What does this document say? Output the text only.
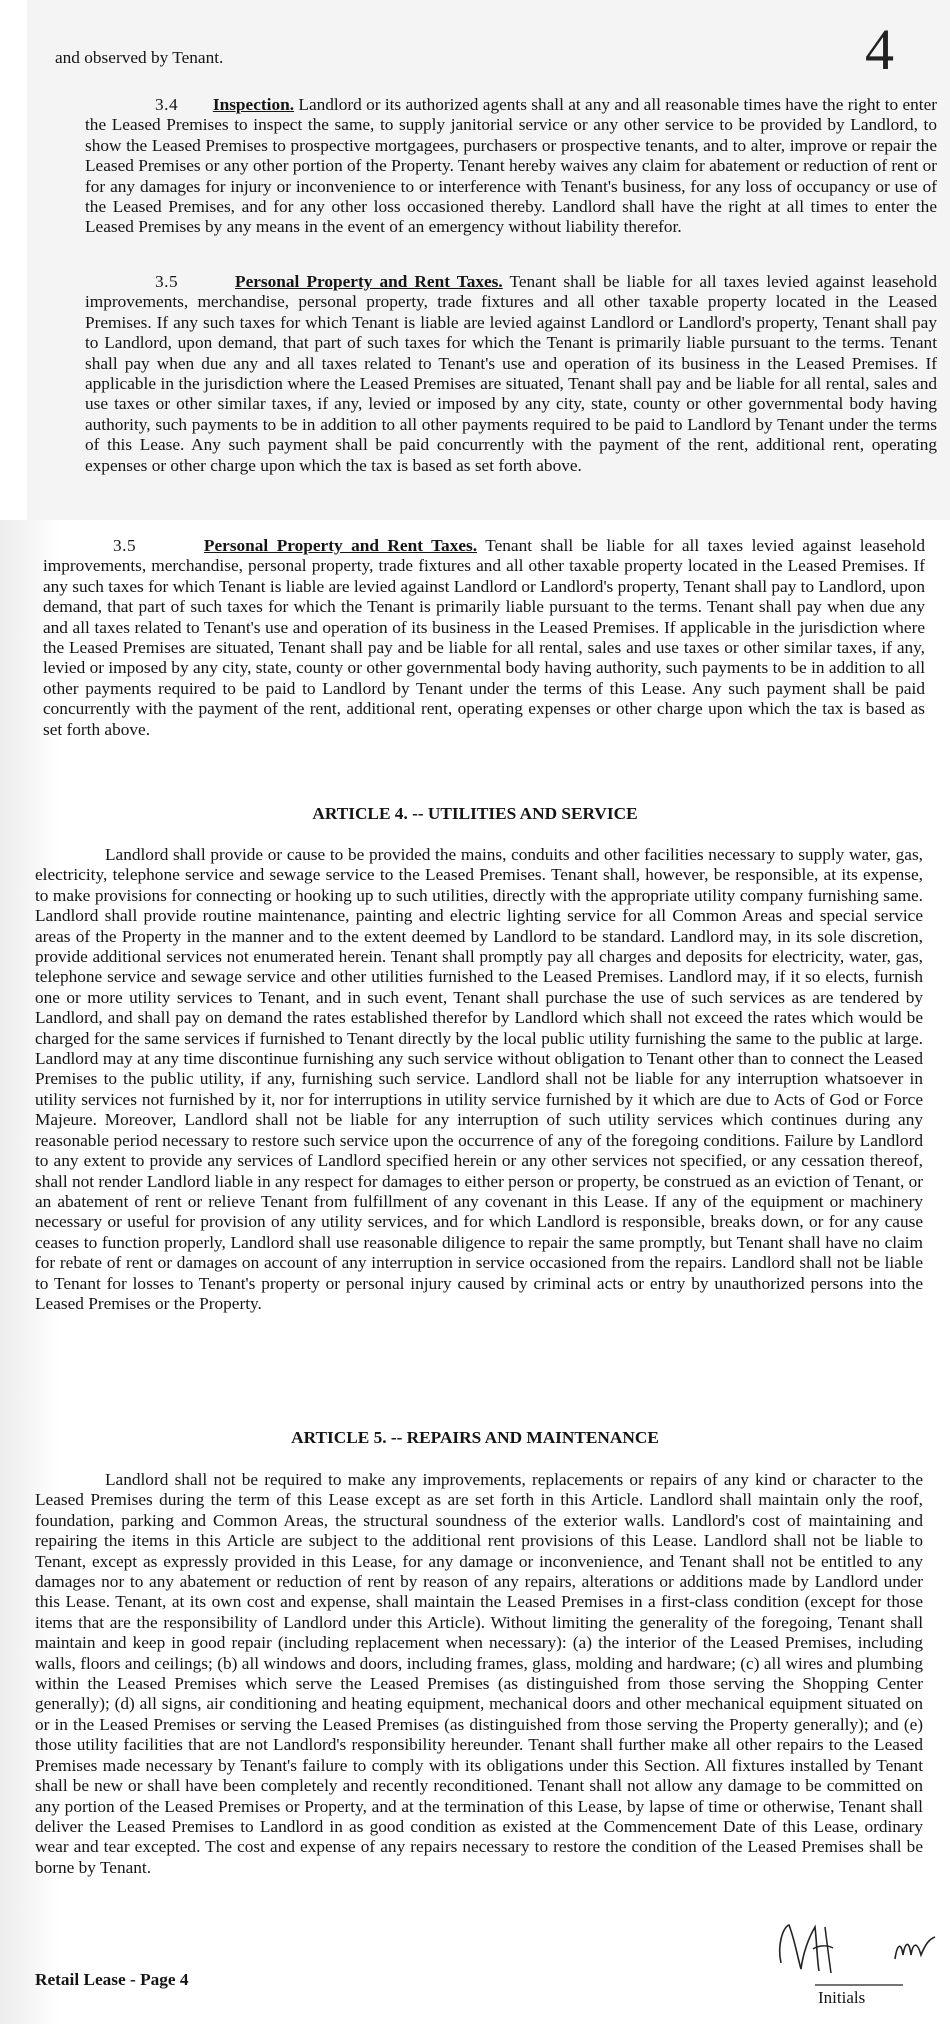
4

and observed by Tenant.

3.4 Inspection. Landlord or its authorized agents shall at any and all reasonable times have the right to enter the Leased Premises to inspect the same, to supply janitorial service or any other service to be provided by Landlord, to show the Leased Premises to prospective mortgagees, purchasers or prospective tenants, and to alter, improve or repair the Leased Premises or any other portion of the Property. Tenant hereby waives any claim for abatement or reduction of rent or for any damages for injury or inconvenience to or interference with Tenant's business, for any loss of occupancy or use of the Leased Premises, and for any other loss occasioned thereby. Landlord shall have the right at all times to enter the Leased Premises by any means in the event of an emergency without liability therefor.

3.5	Personal Property and Rent Taxes. Tenant shall be liable for all taxes levied against leasehold improvements, merchandise, personal property, trade fixtures and all other taxable property located in the Leased Premises. If any such taxes for which Tenant is liable are levied against Landlord or Landlord's property, Tenant shall pay to Landlord, upon demand, that part of such taxes for which the Tenant is primarily liable pursuant to the terms. Tenant shall pay when due any and all taxes related to Tenant's use and operation of its business in the Leased Premises. If applicable in the jurisdiction where the Leased Premises are situated, Tenant shall pay and be liable for all rental, sales and use taxes or other similar taxes, if any, levied or imposed by any city, state, county or other governmental body having authority, such payments to be in addition to all other payments required to be paid to Landlord by Tenant under the terms of this Lease. Any such payment shall be paid concurrently with the payment of the rent, additional rent, operating expenses or other charge upon which the tax is based as set forth above.

3.5	Personal Property and Rent Taxes. Tenant shall be liable for all taxes levied against leasehold improvements, merchandise, personal property, trade fixtures and all other taxable property located in the Leased Premises. If any such taxes for which Tenant is liable are levied against Landlord or Landlord's property, Tenant shall pay to Landlord, upon demand, that part of such taxes for which the Tenant is primarily liable pursuant to the terms. Tenant shall pay when due any and all taxes related to Tenant's use and operation of its business in the Leased Premises. If applicable in the jurisdiction where the Leased Premises are situated, Tenant shall pay and be liable for all rental, sales and use taxes or other similar taxes, if any, levied or imposed by any city, state, county or other governmental body having authority, such payments to be in addition to all other payments required to be paid to Landlord by Tenant under the terms of this Lease. Any such payment shall be paid concurrently with the payment of the rent, additional rent, operating expenses or other charge upon which the tax is based as set forth above.

ARTICLE 4. -- UTILITIES AND SERVICE

Landlord shall provide or cause to be provided the mains, conduits and other facilities necessary to supply water, gas, electricity, telephone service and sewage service to the Leased Premises. Tenant shall, however, be responsible, at its expense, to make provisions for connecting or hooking up to such utilities, directly with the appropriate utility company furnishing same. Landlord shall provide routine maintenance, painting and electric lighting service for all Common Areas and special service areas of the Property in the manner and to the extent deemed by Landlord to be standard. Landlord may, in its sole discretion, provide additional services not enumerated herein. Tenant shall promptly pay all charges and deposits for electricity, water, gas, telephone service and sewage service and other utilities furnished to the Leased Premises. Landlord may, if it so elects, furnish one or more utility services to Tenant, and in such event, Tenant shall purchase the use of such services as are tendered by Landlord, and shall pay on demand the rates established therefor by Landlord which shall not exceed the rates which would be charged for the same services if furnished to Tenant directly by the local public utility furnishing the same to the public at large. Landlord may at any time discontinue furnishing any such service without obligation to Tenant other than to connect the Leased Premises to the public utility, if any, furnishing such service. Landlord shall not be liable for any interruption whatsoever in utility services not furnished by it, nor for interruptions in utility service furnished by it which are due to Acts of God or Force Majeure. Moreover, Landlord shall not be liable for any interruption of such utility services which continues during any reasonable period necessary to restore such service upon the occurrence of any of the foregoing conditions. Failure by Landlord to any extent to provide any services of Landlord specified herein or any other services not specified, or any cessation thereof, shall not render Landlord liable in any respect for damages to either person or property, be construed as an eviction of Tenant, or an abatement of rent or relieve Tenant from fulfillment of any covenant in this Lease. If any of the equipment or machinery necessary or useful for provision of any utility services, and for which Landlord is responsible, breaks down, or for any cause ceases to function properly, Landlord shall use reasonable diligence to repair the same promptly, but Tenant shall have no claim for rebate of rent or damages on account of any interruption in service occasioned from the repairs. Landlord shall not be liable to Tenant for losses to Tenant's property or personal injury caused by criminal acts or entry by unauthorized persons into the Leased Premises or the Property.

ARTICLE 5. -- REPAIRS AND MAINTENANCE

Landlord shall not be required to make any improvements, replacements or repairs of any kind or character to the Leased Premises during the term of this Lease except as are set forth in this Article. Landlord shall maintain only the roof, foundation, parking and Common Areas, the structural soundness of the exterior walls. Landlord's cost of maintaining and repairing the items in this Article are subject to the additional rent provisions of this Lease. Landlord shall not be liable to Tenant, except as expressly provided in this Lease, for any damage or inconvenience, and Tenant shall not be entitled to any damages nor to any abatement or reduction of rent by reason of any repairs, alterations or additions made by Landlord under this Lease. Tenant, at its own cost and expense, shall maintain the Leased Premises in a first-class condition (except for those items that are the responsibility of Landlord under this Article). Without limiting the generality of the foregoing, Tenant shall maintain and keep in good repair (including replacement when necessary): (a) the interior of the Leased Premises, including walls, floors and ceilings; (b) all windows and doors, including frames, glass, molding and hardware; (c) all wires and plumbing within the Leased Premises which serve the Leased Premises (as distinguished from those serving the Shopping Center generally); (d) all signs, air conditioning and heating equipment, mechanical doors and other mechanical equipment situated on or in the Leased Premises or serving the Leased Premises (as distinguished from those serving the Property generally); and (e) those utility facilities that are not Landlord's responsibility hereunder. Tenant shall further make all other repairs to the Leased Premises made necessary by Tenant's failure to comply with its obligations under this Section. All fixtures installed by Tenant shall be new or shall have been completely and recently reconditioned. Tenant shall not allow any damage to be committed on any portion of the Leased Premises or Property, and at the termination of this Lease, by lapse of time or otherwise, Tenant shall deliver the Leased Premises to Landlord in as good condition as existed at the Commencement Date of this Lease, ordinary wear and tear excepted. The cost and expense of any repairs necessary to restore the condition of the Leased Premises shall be borne by Tenant.

Retail Lease - Page 4
Initials
